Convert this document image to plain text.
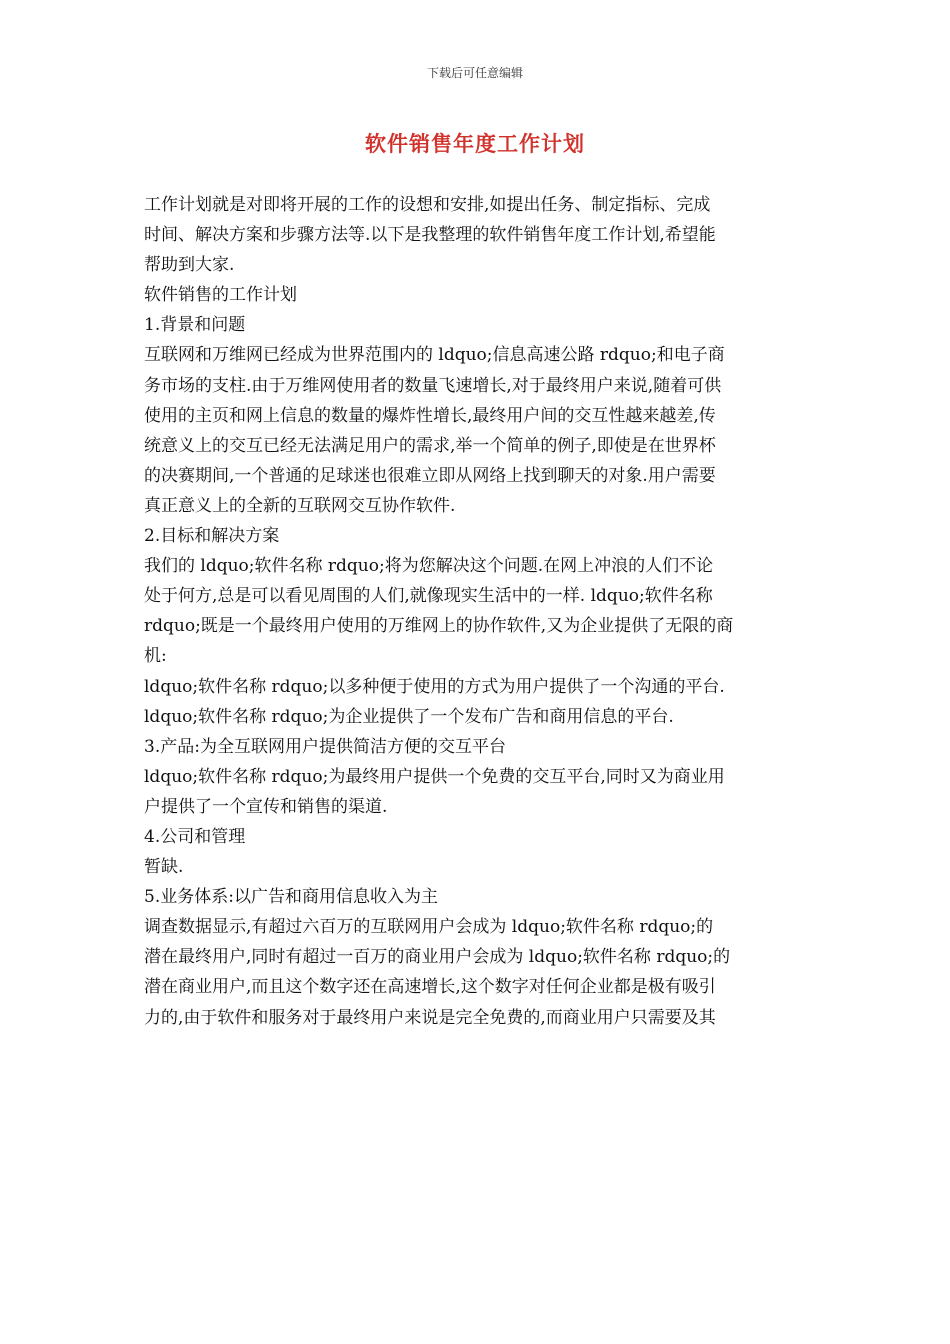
下载后可任意编辑
软件销售年度工作计划
工作计划就是对即将开展的工作的设想和安排,如提出任务、制定指标、完成
时间、解决方案和步骤方法等.以下是我整理的软件销售年度工作计划,希望能
帮助到大家.
软件销售的工作计划
1.背景和问题
互联网和万维网已经成为世界范围内的 ldquo;信息高速公路 rdquo;和电子商
务市场的支柱.由于万维网使用者的数量飞速增长,对于最终用户来说,随着可供
使用的主页和网上信息的数量的爆炸性增长,最终用户间的交互性越来越差,传
统意义上的交互已经无法满足用户的需求,举一个简单的例子,即使是在世界杯
的决赛期间,一个普通的足球迷也很难立即从网络上找到聊天的对象.用户需要
真正意义上的全新的互联网交互协作软件.
2.目标和解决方案
我们的 ldquo;软件名称 rdquo;将为您解决这个问题.在网上冲浪的人们不论
处于何方,总是可以看见周围的人们,就像现实生活中的一样. ldquo;软件名称
rdquo;既是一个最终用户使用的万维网上的协作软件,又为企业提供了无限的商
机:
ldquo;软件名称 rdquo;以多种便于使用的方式为用户提供了一个沟通的平台.
ldquo;软件名称 rdquo;为企业提供了一个发布广告和商用信息的平台.
3.产品:为全互联网用户提供简洁方便的交互平台
ldquo;软件名称 rdquo;为最终用户提供一个免费的交互平台,同时又为商业用
户提供了一个宣传和销售的渠道.
4.公司和管理
暂缺.
5.业务体系:以广告和商用信息收入为主
调查数据显示,有超过六百万的互联网用户会成为 ldquo;软件名称 rdquo;的
潜在最终用户,同时有超过一百万的商业用户会成为 ldquo;软件名称 rdquo;的
潜在商业用户,而且这个数字还在高速增长,这个数字对任何企业都是极有吸引
力的,由于软件和服务对于最终用户来说是完全免费的,而商业用户只需要及其
